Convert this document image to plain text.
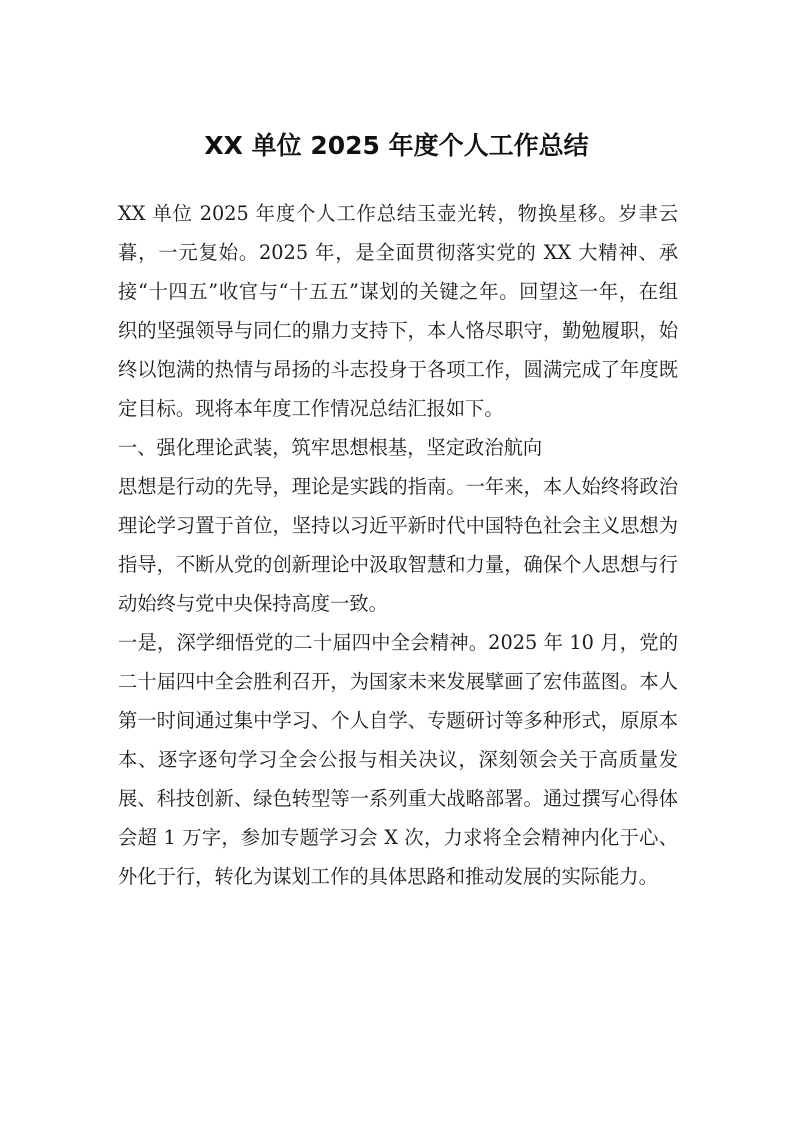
XX 单位 2025 年度个人工作总结

XX 单位 2025 年度个人工作总结玉壶光转，物换星移。岁聿云暮，一元复始。2025 年，是全面贯彻落实党的 XX 大精神、承接“十四五”收官与“十五五”谋划的关键之年。回望这一年，在组织的坚强领导与同仁的鼎力支持下，本人恪尽职守，勤勉履职，始终以饱满的热情与昂扬的斗志投身于各项工作，圆满完成了年度既定目标。现将本年度工作情况总结汇报如下。

一、强化理论武装，筑牢思想根基，坚定政治航向

思想是行动的先导，理论是实践的指南。一年来，本人始终将政治理论学习置于首位，坚持以习近平新时代中国特色社会主义思想为指导，不断从党的创新理论中汲取智慧和力量，确保个人思想与行动始终与党中央保持高度一致。

一是，深学细悟党的二十届四中全会精神。2025 年 10 月，党的二十届四中全会胜利召开，为国家未来发展擘画了宏伟蓝图。本人第一时间通过集中学习、个人自学、专题研讨等多种形式，原原本本、逐字逐句学习全会公报与相关决议，深刻领会关于高质量发展、科技创新、绿色转型等一系列重大战略部署。通过撰写心得体会超 1 万字，参加专题学习会 X 次，力求将全会精神内化于心、外化于行，转化为谋划工作的具体思路和推动发展的实际能力。
